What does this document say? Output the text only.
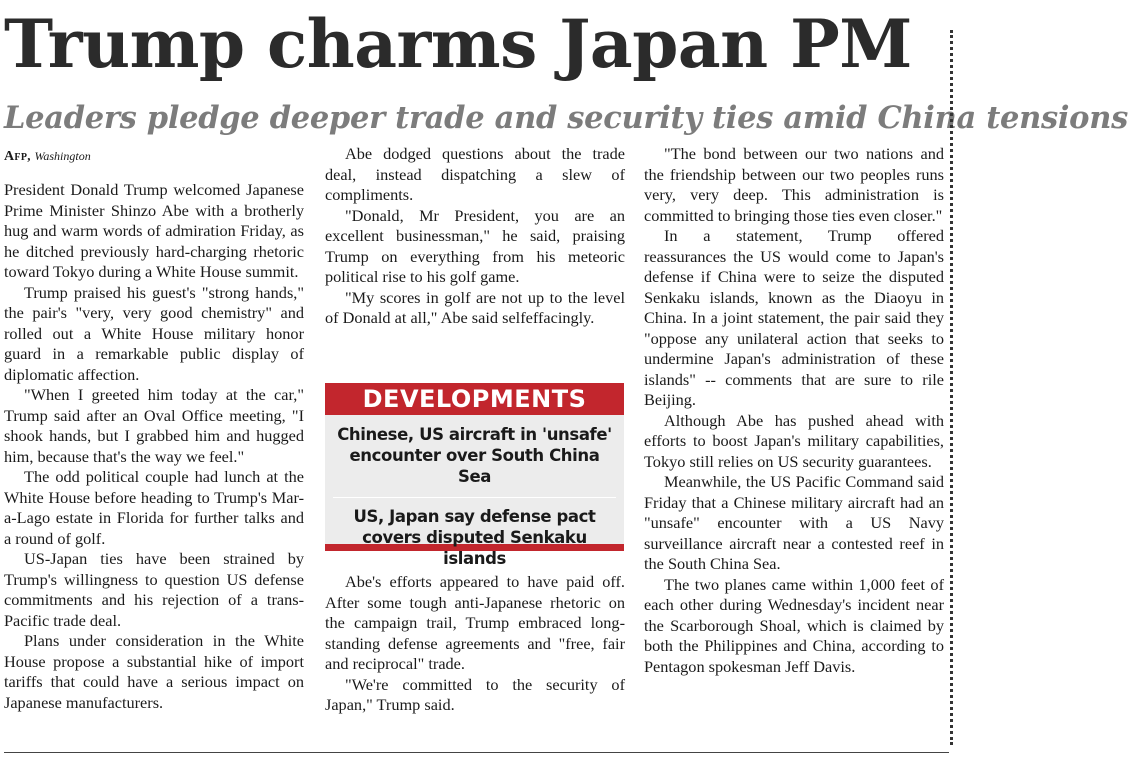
Trump charms Japan PM
Leaders pledge deeper trade and security ties amid China tensions
Afp, Washington

President Donald Trump welcomed Japanese Prime Minister Shinzo Abe with a brotherly hug and warm words of admiration Friday, as he ditched previously hard-charging rhetoric toward Tokyo during a White House summit.

Trump praised his guest's "strong hands," the pair's "very, very good chemistry" and rolled out a White House military honor guard in a remarkable public display of diplomatic affection.

"When I greeted him today at the car," Trump said after an Oval Office meeting, "I shook hands, but I grabbed him and hugged him, because that's the way we feel."

The odd political couple had lunch at the White House before heading to Trump's Mar-a-Lago estate in Florida for further talks and a round of golf.

US-Japan ties have been strained by Trump's willingness to question US defense commitments and his rejection of a trans-Pacific trade deal.

Plans under consideration in the White House propose a substantial hike of import tariffs that could have a serious impact on Japanese manufacturers.

Abe dodged questions about the trade deal, instead dispatching a slew of compliments.

"Donald, Mr President, you are an excellent businessman," he said, praising Trump on everything from his meteoric political rise to his golf game.

"My scores in golf are not up to the level of Donald at all," Abe said selfeffacingly.

DEVELOPMENTS
Chinese, US aircraft in 'unsafe' encounter over South China Sea
US, Japan say defense pact covers disputed Senkaku islands

Abe's efforts appeared to have paid off. After some tough anti-Japanese rhetoric on the campaign trail, Trump embraced long-standing defense agreements and "free, fair and reciprocal" trade.

"We're committed to the security of Japan," Trump said.

"The bond between our two nations and the friendship between our two peoples runs very, very deep. This administration is committed to bringing those ties even closer."

In a statement, Trump offered reassurances the US would come to Japan's defense if China were to seize the disputed Senkaku islands, known as the Diaoyu in China. In a joint statement, the pair said they "oppose any unilateral action that seeks to undermine Japan's administration of these islands" -- comments that are sure to rile Beijing.

Although Abe has pushed ahead with efforts to boost Japan's military capabilities, Tokyo still relies on US security guarantees.

Meanwhile, the US Pacific Command said Friday that a Chinese military aircraft had an "unsafe" encounter with a US Navy surveillance aircraft near a contested reef in the South China Sea.

The two planes came within 1,000 feet of each other during Wednesday's incident near the Scarborough Shoal, which is claimed by both the Philippines and China, according to Pentagon spokesman Jeff Davis.
